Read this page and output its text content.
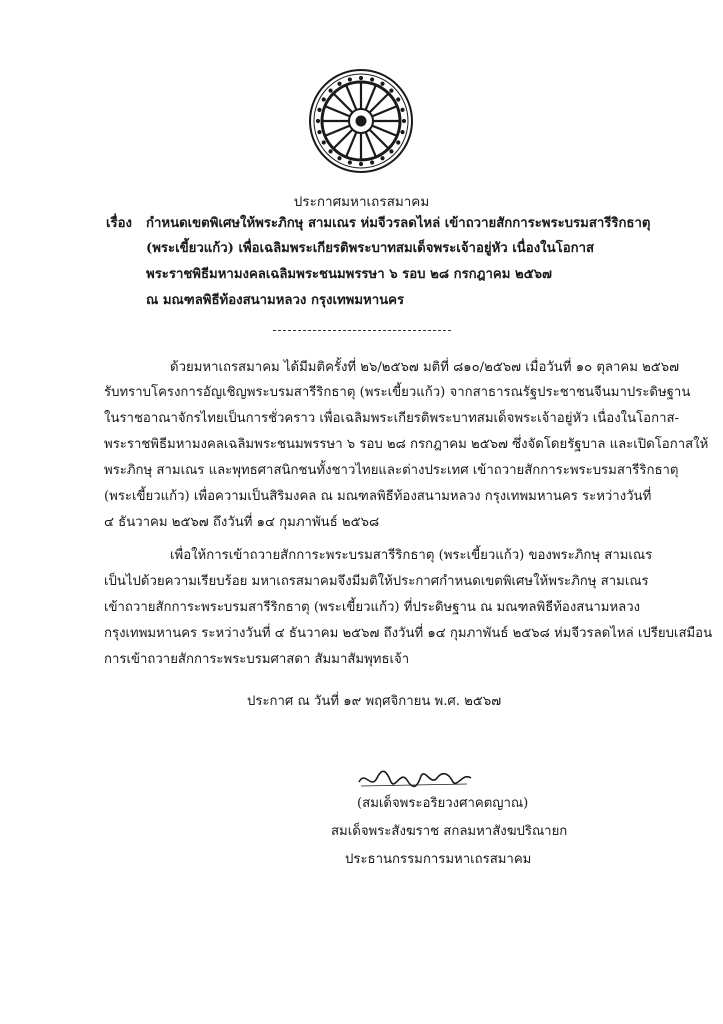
ประกาศมหาเถรสมาคม
เรื่อง กำหนดเขตพิเศษให้พระภิกษุ สามเณร ห่มจีวรลดไหล่ เข้าถวายสักการะพระบรมสารีริกธาตุ
(พระเขี้ยวแก้ว) เพื่อเฉลิมพระเกียรติพระบาทสมเด็จพระเจ้าอยู่หัว เนื่องในโอกาส
พระราชพิธีมหามงคลเฉลิมพระชนมพรรษา ๖ รอบ ๒๘ กรกฎาคม ๒๕๖๗
ณ มณฑลพิธีท้องสนามหลวง กรุงเทพมหานคร
ด้วยมหาเถรสมาคม ได้มีมติครั้งที่ ๒๖/๒๕๖๗ มติที่ ๘๑๐/๒๕๖๗ เมื่อวันที่ ๑๐ ตุลาคม ๒๕๖๗
รับทราบโครงการอัญเชิญพระบรมสารีริกธาตุ (พระเขี้ยวแก้ว) จากสาธารณรัฐประชาชนจีนมาประดิษฐาน
ในราชอาณาจักรไทยเป็นการชั่วคราว เพื่อเฉลิมพระเกียรติพระบาทสมเด็จพระเจ้าอยู่หัว เนื่องในโอกาส-
พระราชพิธีมหามงคลเฉลิมพระชนมพรรษา ๖ รอบ ๒๘ กรกฎาคม ๒๕๖๗ ซึ่งจัดโดยรัฐบาล และเปิดโอกาสให้
พระภิกษุ สามเณร และพุทธศาสนิกชนทั้งชาวไทยและต่างประเทศ เข้าถวายสักการะพระบรมสารีริกธาตุ
(พระเขี้ยวแก้ว) เพื่อความเป็นสิริมงคล ณ มณฑลพิธีท้องสนามหลวง กรุงเทพมหานคร ระหว่างวันที่
๔ ธันวาคม ๒๕๖๗ ถึงวันที่ ๑๔ กุมภาพันธ์ ๒๕๖๘
เพื่อให้การเข้าถวายสักการะพระบรมสารีริกธาตุ (พระเขี้ยวแก้ว) ของพระภิกษุ สามเณร
เป็นไปด้วยความเรียบร้อย มหาเถรสมาคมจึงมีมติให้ประกาศกำหนดเขตพิเศษให้พระภิกษุ สามเณร
เข้าถวายสักการะพระบรมสารีริกธาตุ (พระเขี้ยวแก้ว) ที่ประดิษฐาน ณ มณฑลพิธีท้องสนามหลวง
กรุงเทพมหานคร ระหว่างวันที่ ๔ ธันวาคม ๒๕๖๗ ถึงวันที่ ๑๔ กุมภาพันธ์ ๒๕๖๘ ห่มจีวรลดไหล่ เปรียบเสมือน
การเข้าถวายสักการะพระบรมศาสดา สัมมาสัมพุทธเจ้า
ประกาศ ณ วันที่ ๑๙ พฤศจิกายน พ.ศ. ๒๕๖๗
(สมเด็จพระอริยวงศาคตญาณ)
สมเด็จพระสังฆราช สกลมหาสังฆปริณายก
ประธานกรรมการมหาเถรสมาคม
